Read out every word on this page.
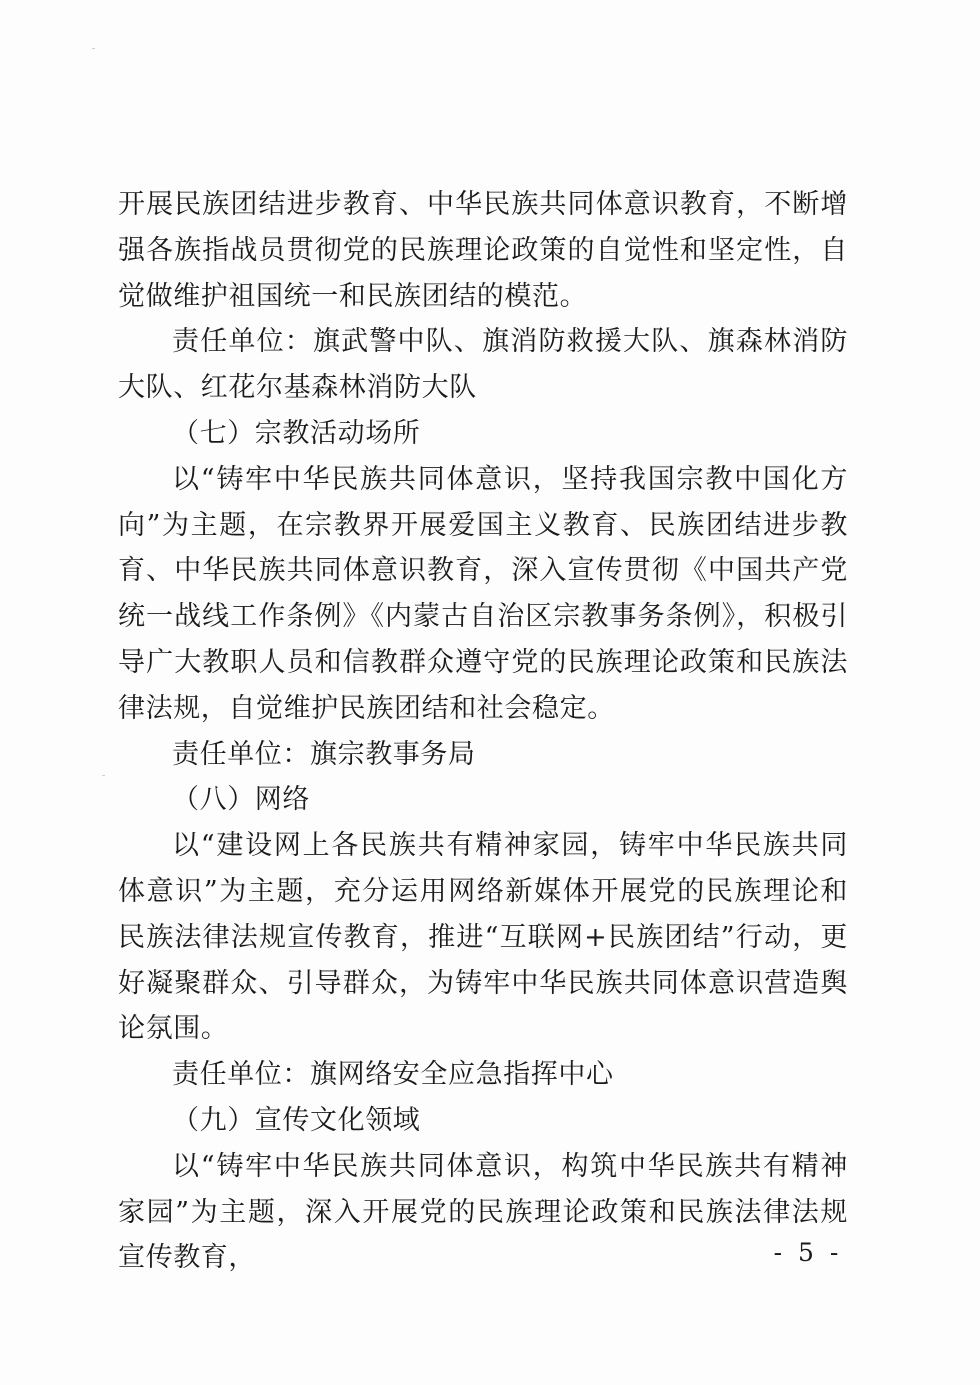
开展民族团结进步教育、中华民族共同体意识教育，不断增强各族指战员贯彻党的民族理论政策的自觉性和坚定性，自觉做维护祖国统一和民族团结的模范。

责任单位：旗武警中队、旗消防救援大队、旗森林消防大队、红花尔基森林消防大队

（七）宗教活动场所

以“铸牢中华民族共同体意识，坚持我国宗教中国化方向”为主题，在宗教界开展爱国主义教育、民族团结进步教育、中华民族共同体意识教育，深入宣传贯彻《中国共产党统一战线工作条例》《内蒙古自治区宗教事务条例》，积极引导广大教职人员和信教群众遵守党的民族理论政策和民族法律法规，自觉维护民族团结和社会稳定。

责任单位：旗宗教事务局

（八）网络

以“建设网上各民族共有精神家园，铸牢中华民族共同体意识”为主题，充分运用网络新媒体开展党的民族理论和民族法律法规宣传教育，推进“互联网+民族团结”行动，更好凝聚群众、引导群众，为铸牢中华民族共同体意识营造舆论氛围。

责任单位：旗网络安全应急指挥中心

（九）宣传文化领域

以“铸牢中华民族共同体意识，构筑中华民族共有精神家园”为主题，深入开展党的民族理论政策和民族法律法规宣传教育，	- 5 -
